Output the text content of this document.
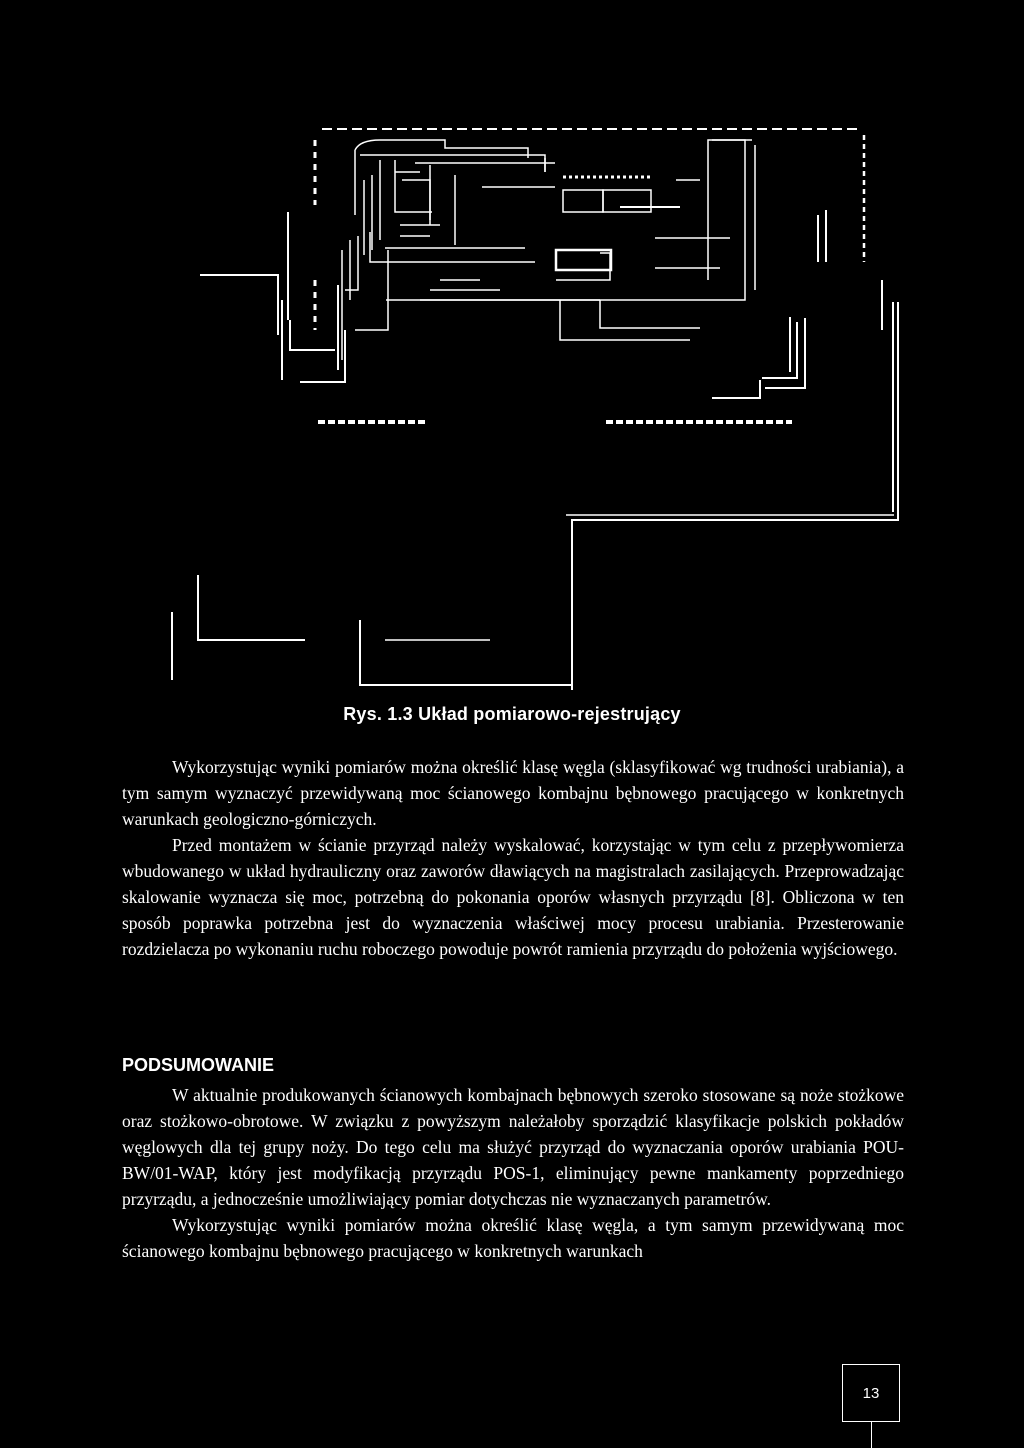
Rys. 1.3 Układ pomiarowo-rejestrujący

Wykorzystując wyniki pomiarów można określić klasę węgla (sklasyfikować wg trudności urabiania), a tym samym wyznaczyć przewidywaną moc ścianowego kombajnu bębnowego pracującego w konkretnych warunkach geologiczno-górniczych.

Przed montażem w ścianie przyrząd należy wyskalować, korzystając w tym celu z przepływomierza wbudowanego w układ hydrauliczny oraz zaworów dławiących na magistralach zasilających. Przeprowadzając skalowanie wyznacza się moc, potrzebną do pokonania oporów własnych przyrządu [8]. Obliczona w ten sposób poprawka potrzebna jest do wyznaczenia właściwej mocy procesu urabiania. Przesterowanie rozdzielacza po wykonaniu ruchu roboczego powoduje powrót ramienia przyrządu do położenia wyjściowego.

PODSUMOWANIE

W aktualnie produkowanych ścianowych kombajnach bębnowych szeroko stosowane są noże stożkowe oraz stożkowo-obrotowe. W związku z powyższym należałoby sporządzić klasyfikacje polskich pokładów węglowych dla tej grupy noży. Do tego celu ma służyć przyrząd do wyznaczania oporów urabiania POU-BW/01-WAP, który jest modyfikacją przyrządu POS-1, eliminujący pewne mankamenty poprzedniego przyrządu, a jednocześnie umożliwiający pomiar dotychczas nie wyznaczanych parametrów.

Wykorzystując wyniki pomiarów można określić klasę węgla, a tym samym przewidywaną moc ścianowego kombajnu bębnowego pracującego w konkretnych warunkach

13
